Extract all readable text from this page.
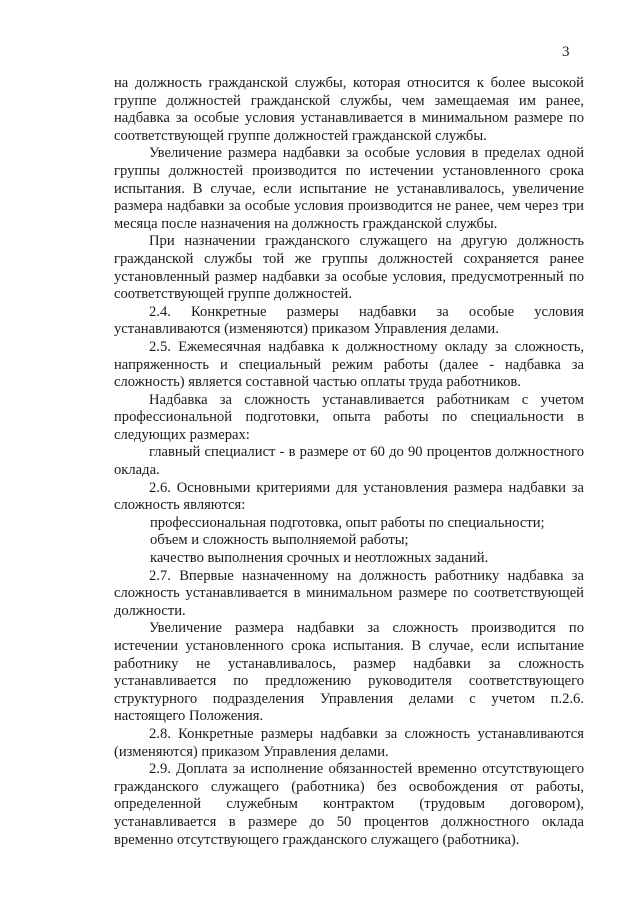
3

на должность гражданской службы, которая относится к более высокой группе должностей гражданской службы, чем замещаемая им ранее, надбавка за особые условия устанавливается в минимальном размере по соответствующей группе должностей гражданской службы.

Увеличение размера надбавки за особые условия в пределах одной группы должностей производится по истечении установленного срока испытания. В случае, если испытание не устанавливалось, увеличение размера надбавки за особые условия производится не ранее, чем через три месяца после назначения на должность гражданской службы.

При назначении гражданского служащего на другую должность гражданской службы той же группы должностей сохраняется ранее установленный размер надбавки за особые условия, предусмотренный по соответствующей группе должностей.

2.4. Конкретные размеры надбавки за особые условия устанавливаются (изменяются) приказом Управления делами.

2.5. Ежемесячная надбавка к должностному окладу за сложность, напряженность и специальный режим работы (далее - надбавка за сложность) является составной частью оплаты труда работников.

Надбавка за сложность устанавливается работникам с учетом профессиональной подготовки, опыта работы по специальности в следующих размерах:

главный специалист - в размере от 60 до 90 процентов должностного оклада.

2.6. Основными критериями для установления размера надбавки за сложность являются:

профессиональная подготовка, опыт работы по специальности;

объем и сложность выполняемой работы;

качество выполнения срочных и неотложных заданий.

2.7. Впервые назначенному на должность работнику надбавка за сложность устанавливается в минимальном размере по соответствующей должности.

Увеличение размера надбавки за сложность производится по истечении установленного срока испытания. В случае, если испытание работнику не устанавливалось, размер надбавки за сложность устанавливается по предложению руководителя соответствующего структурного подразделения Управления делами с учетом п.2.6. настоящего Положения.

2.8. Конкретные размеры надбавки за сложность устанавливаются (изменяются) приказом Управления делами.

2.9. Доплата за исполнение обязанностей временно отсутствующего гражданского служащего (работника) без освобождения от работы, определенной служебным контрактом (трудовым договором), устанавливается в размере до 50 процентов должностного оклада временно отсутствующего гражданского служащего (работника).
